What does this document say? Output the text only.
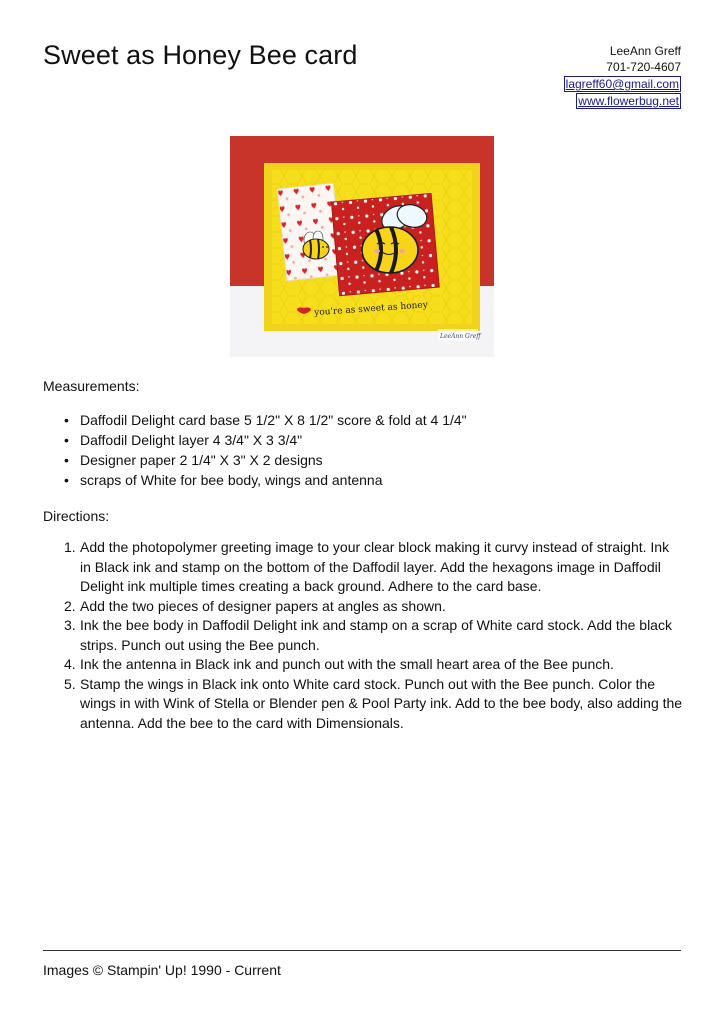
Sweet as Honey Bee card	LeeAnn Greff
701-720-4607
lagreff60@gmail.com
www.flowerbug.net
you're as sweet as honey
LeeAnn Greff

Measurements:

• Daffodil Delight card base 5 1/2" X 8 1/2" score & fold at 4 1/4"
• Daffodil Delight layer 4 3/4" X 3 3/4"
• Designer paper 2 1/4" X 3" X 2 designs
• scraps of White for bee body, wings and antenna

Directions:

1. Add the photopolymer greeting image to your clear block making it curvy instead of straight. Ink in Black ink and stamp on the bottom of the Daffodil layer. Add the hexagons image in Daffodil Delight ink multiple times creating a back ground. Adhere to the card base.
2. Add the two pieces of designer papers at angles as shown.
3. Ink the bee body in Daffodil Delight ink and stamp on a scrap of White card stock. Add the black strips. Punch out using the Bee punch.
4. Ink the antenna in Black ink and punch out with the small heart area of the Bee punch.
5. Stamp the wings in Black ink onto White card stock. Punch out with the Bee punch. Color the wings in with Wink of Stella or Blender pen & Pool Party ink. Add to the bee body, also adding the antenna. Add the bee to the card with Dimensionals.

Images © Stampin' Up! 1990 - Current
